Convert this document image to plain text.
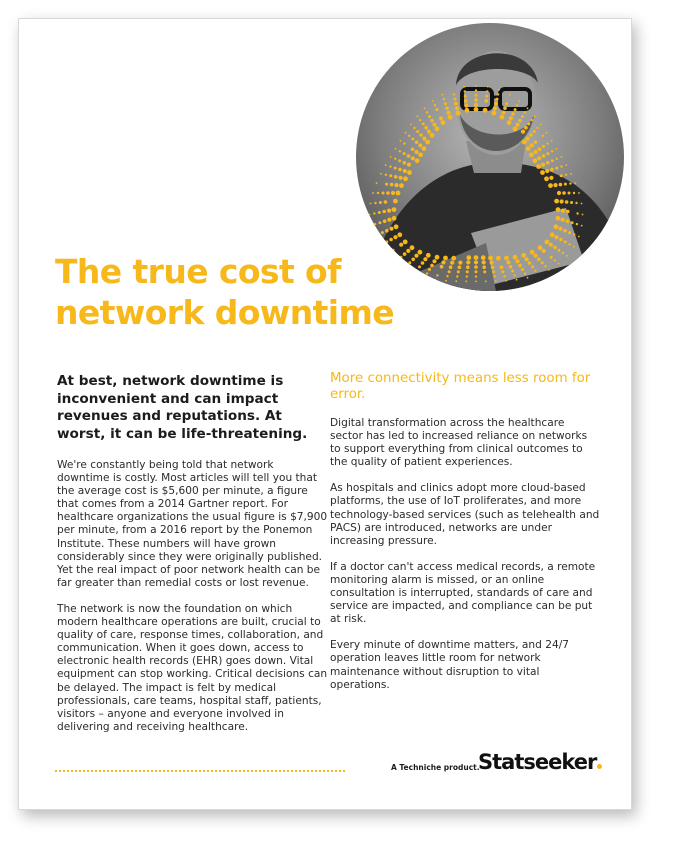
The true cost of
network downtime

At best, network downtime is inconvenient and can impact revenues and reputations. At worst, it can be life-threatening.

We're constantly being told that network downtime is costly. Most articles will tell you that the average cost is $5,600 per minute, a figure that comes from a 2014 Gartner report. For healthcare organizations the usual figure is $7,900 per minute, from a 2016 report by the Ponemon Institute. These numbers will have grown considerably since they were originally published. Yet the real impact of poor network health can be far greater than remedial costs or lost revenue.

The network is now the foundation on which modern healthcare operations are built, crucial to quality of care, response times, collaboration, and communication. When it goes down, access to electronic health records (EHR) goes down. Vital equipment can stop working. Critical decisions can be delayed. The impact is felt by medical professionals, care teams, hospital staff, patients, visitors – anyone and everyone involved in delivering and receiving healthcare.

More connectivity means less room for error.

Digital transformation across the healthcare sector has led to increased reliance on networks to support everything from clinical outcomes to the quality of patient experiences.

As hospitals and clinics adopt more cloud-based platforms, the use of IoT proliferates, and more technology-based services (such as telehealth and PACS) are introduced, networks are under increasing pressure.

If a doctor can't access medical records, a remote monitoring alarm is missed, or an online consultation is interrupted, standards of care and service are impacted, and compliance can be put at risk.

Every minute of downtime matters, and 24/7 operation leaves little room for network maintenance without disruption to vital operations.

A Techniche product.
Statseeker
